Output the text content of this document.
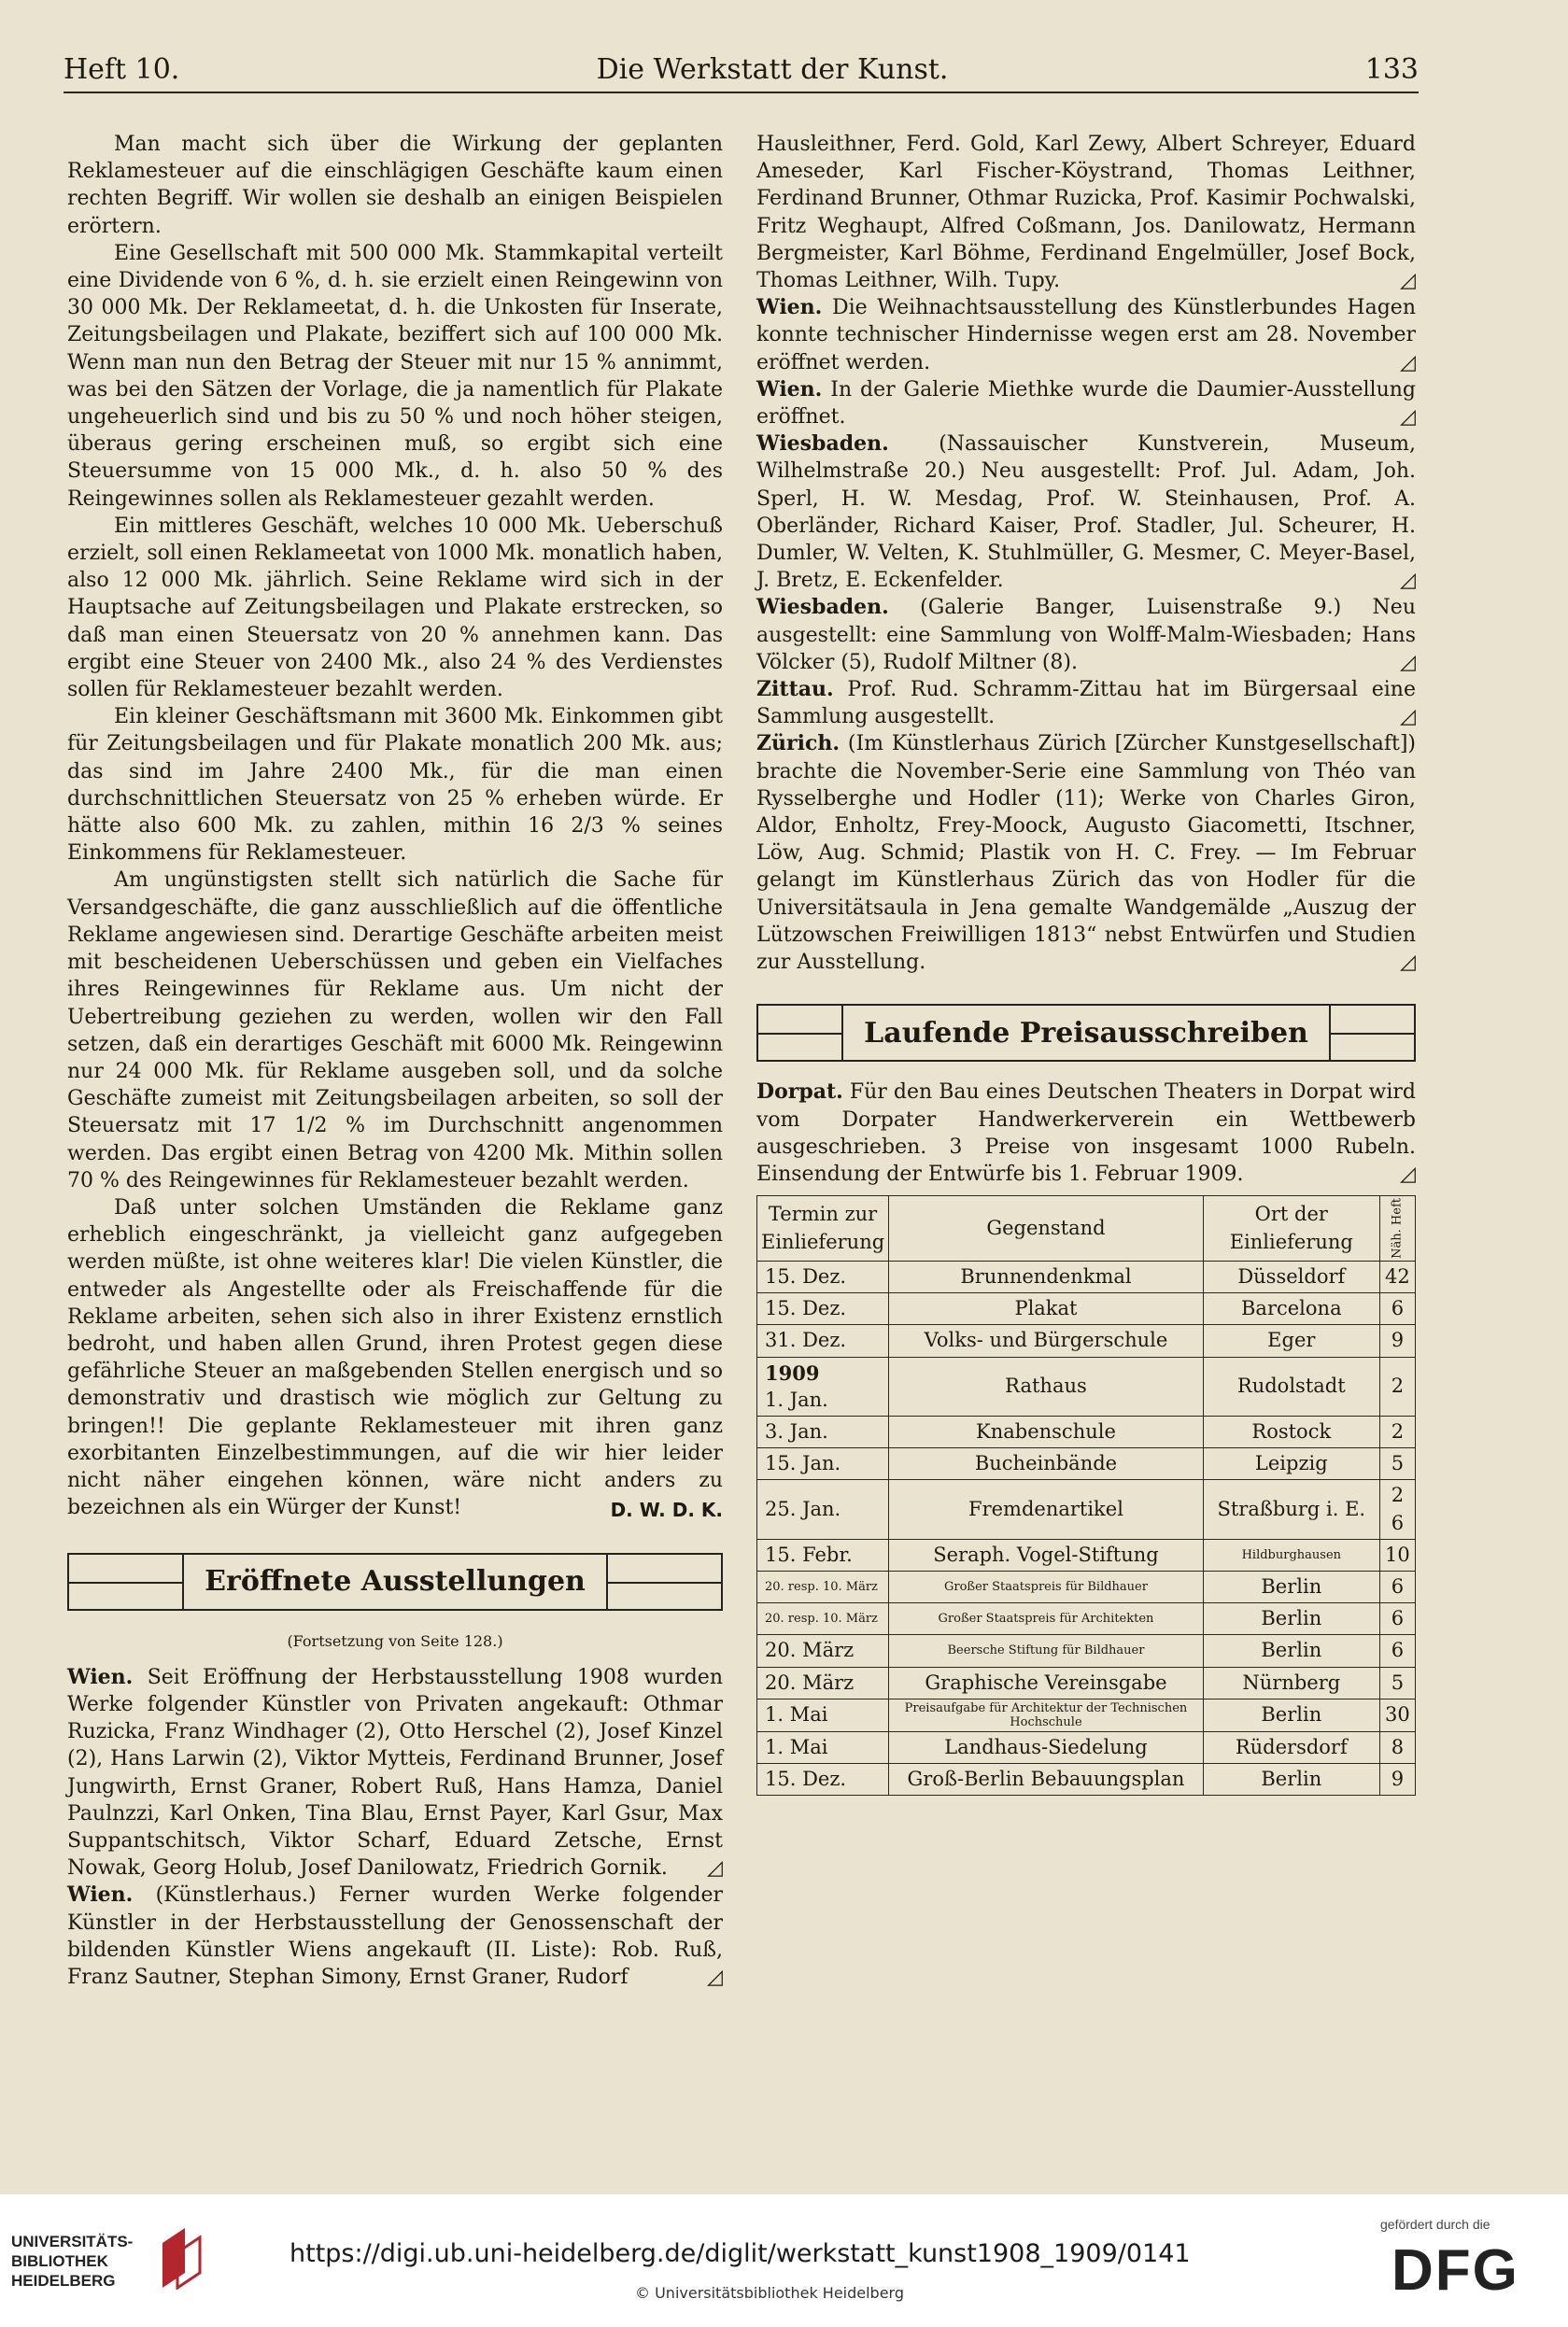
Heft 10.	Die Werkstatt der Kunst.	133

Man macht sich über die Wirkung der geplanten Reklamesteuer auf die einschlägigen Geschäfte kaum einen rechten Begriff. Wir wollen sie deshalb an einigen Beispielen erörtern.

Eine Gesellschaft mit 500 000 Mk. Stammkapital verteilt eine Dividende von 6 %, d. h. sie erzielt einen Reingewinn von 30 000 Mk. Der Reklameetat, d. h. die Unkosten für Inserate, Zeitungsbeilagen und Plakate, beziffert sich auf 100 000 Mk. Wenn man nun den Betrag der Steuer mit nur 15 % annimmt, was bei den Sätzen der Vorlage, die ja namentlich für Plakate ungeheuerlich sind und bis zu 50 % und noch höher steigen, überaus gering erscheinen muß, so ergibt sich eine Steuersumme von 15 000 Mk., d. h. also 50 % des Reingewinnes sollen als Reklamesteuer gezahlt werden.

Ein mittleres Geschäft, welches 10 000 Mk. Ueberschuß erzielt, soll einen Reklameetat von 1000 Mk. monatlich haben, also 12 000 Mk. jährlich. Seine Reklame wird sich in der Hauptsache auf Zeitungsbeilagen und Plakate erstrecken, so daß man einen Steuersatz von 20 % annehmen kann. Das ergibt eine Steuer von 2400 Mk., also 24 % des Verdienstes sollen für Reklamesteuer bezahlt werden.

Ein kleiner Geschäftsmann mit 3600 Mk. Einkommen gibt für Zeitungsbeilagen und für Plakate monatlich 200 Mk. aus; das sind im Jahre 2400 Mk., für die man einen durchschnittlichen Steuersatz von 25 % erheben würde. Er hätte also 600 Mk. zu zahlen, mithin 16 2/3 % seines Einkommens für Reklamesteuer.

Am ungünstigsten stellt sich natürlich die Sache für Versandgeschäfte, die ganz ausschließlich auf die öffentliche Reklame angewiesen sind. Derartige Geschäfte arbeiten meist mit bescheidenen Ueberschüssen und geben ein Vielfaches ihres Reingewinnes für Reklame aus. Um nicht der Uebertreibung geziehen zu werden, wollen wir den Fall setzen, daß ein derartiges Geschäft mit 6000 Mk. Reingewinn nur 24 000 Mk. für Reklame ausgeben soll, und da solche Geschäfte zumeist mit Zeitungsbeilagen arbeiten, so soll der Steuersatz mit 17 1/2 % im Durchschnitt angenommen werden. Das ergibt einen Betrag von 4200 Mk. Mithin sollen 70 % des Reingewinnes für Reklamesteuer bezahlt werden.

Daß unter solchen Umständen die Reklame ganz erheblich eingeschränkt, ja vielleicht ganz aufgegeben werden müßte, ist ohne weiteres klar! Die vielen Künstler, die entweder als Angestellte oder als Freischaffende für die Reklame arbeiten, sehen sich also in ihrer Existenz ernstlich bedroht, und haben allen Grund, ihren Protest gegen diese gefährliche Steuer an maßgebenden Stellen energisch und so demonstrativ und drastisch wie möglich zur Geltung zu bringen!! Die geplante Reklamesteuer mit ihren ganz exorbitanten Einzelbestimmungen, auf die wir hier leider nicht näher eingehen können, wäre nicht anders zu bezeichnen als ein Würger der Kunst!	D. W. D. K.
Eröffnete Ausstellungen
(Fortsetzung von Seite 128.)

Wien. Seit Eröffnung der Herbstausstellung 1908 wurden Werke folgender Künstler von Privaten angekauft: Othmar Ruzicka, Franz Windhager (2), Otto Herschel (2), Josef Kinzel (2), Hans Larwin (2), Viktor Mytteis, Ferdinand Brunner, Josef Jungwirth, Ernst Graner, Robert Ruß, Hans Hamza, Daniel Paulnzzi, Karl Onken, Tina Blau, Ernst Payer, Karl Gsur, Max Suppantschitsch, Viktor Scharf, Eduard Zetsche, Ernst Nowak, Georg Holub, Josef Danilowatz, Friedrich Gornik. ◿

Wien. (Künstlerhaus.) Ferner wurden Werke folgender Künstler in der Herbstausstellung der Genossenschaft der bildenden Künstler Wiens angekauft (II. Liste): Rob. Ruß, Franz Sautner, Stephan Simony, Ernst Graner, Rudorf	◿

Hausleithner, Ferd. Gold, Karl Zewy, Albert Schreyer, Eduard Ameseder, Karl Fischer-Köystrand, Thomas Leithner, Ferdinand Brunner, Othmar Ruzicka, Prof. Kasimir Pochwalski, Fritz Weghaupt, Alfred Coßmann, Jos. Danilowatz, Hermann Bergmeister, Karl Böhme, Ferdinand Engelmüller, Josef Bock, Thomas Leithner, Wilh. Tupy.	◿

Wien. Die Weihnachtsausstellung des Künstlerbundes Hagen konnte technischer Hindernisse wegen erst am 28. November eröffnet werden.	◿

Wien. In der Galerie Miethke wurde die Daumier-Ausstellung eröffnet.	◿

Wiesbaden. (Nassauischer Kunstverein, Museum, Wilhelmstraße 20.) Neu ausgestellt: Prof. Jul. Adam, Joh. Sperl, H. W. Mesdag, Prof. W. Steinhausen, Prof. A. Oberländer, Richard Kaiser, Prof. Stadler, Jul. Scheurer, H. Dumler, W. Velten, K. Stuhlmüller, G. Mesmer, C. Meyer-Basel, J. Bretz, E. Eckenfelder.	◿

Wiesbaden. (Galerie Banger, Luisenstraße 9.) Neu ausgestellt: eine Sammlung von Wolff-Malm-Wiesbaden; Hans Völcker (5), Rudolf Miltner (8).	◿

Zittau. Prof. Rud. Schramm-Zittau hat im Bürgersaal eine Sammlung ausgestellt.	◿

Zürich. (Im Künstlerhaus Zürich [Zürcher Kunstgesellschaft]) brachte die November-Serie eine Sammlung von Théo van Rysselberghe und Hodler (11); Werke von Charles Giron, Aldor, Enholtz, Frey-Moock, Augusto Giacometti, Itschner, Löw, Aug. Schmid; Plastik von H. C. Frey. — Im Februar gelangt im Künstlerhaus Zürich das von Hodler für die Universitätsaula in Jena gemalte Wandgemälde „Auszug der Lützowschen Freiwilligen 1813“ nebst Entwürfen und Studien zur Ausstellung.	◿

Laufende Preisausschreiben

Dorpat. Für den Bau eines Deutschen Theaters in Dorpat wird vom Dorpater Handwerkerverein ein Wettbewerb ausgeschrieben. 3 Preise von insgesamt 1000 Rubeln. Einsendung der Entwürfe bis 1. Februar 1909.	◿

Termin zur Einlieferung	Gegenstand	Ort der Einlieferung	Näh. Heft
15. Dez.	Brunnendenkmal	Düsseldorf	42
15. Dez.	Plakat	Barcelona	6
31. Dez.	Volks- und Bürgerschule	Eger	9

1909
1. Jan.	Rathaus	Rudolstadt	2
3. Jan.	Knabenschule	Rostock	2
15. Jan.	Bucheinbände	Leipzig	5
25. Jan.	Fremdenartikel	Straßburg i. E.	2 6
15. Febr.	Seraph. Vogel-Stiftung	Hildburghausen	10
20. resp. 10. März	Großer Staatspreis für Bildhauer	Berlin	6
20. resp. 10. März	Großer Staatspreis für Architekten	Berlin	6
20. März	Beersche Stiftung für Bildhauer	Berlin	6
20. März	Graphische Vereinsgabe	Nürnberg	5
1. Mai	Preisaufgabe für Architektur der Technischen Hochschule	Berlin	30
1. Mai	Landhaus-Siedelung	Rüdersdorf	8
15. Dez.	Groß-Berlin Bebauungsplan	Berlin	9
UNIVERSITÄTS- BIBLIOTHEK HEIDELBERG
https://digi.ub.uni-heidelberg.de/diglit/werkstatt_kunst1908_1909/0141
© Universitätsbibliothek Heidelberg
gefördert durch die
DFG
